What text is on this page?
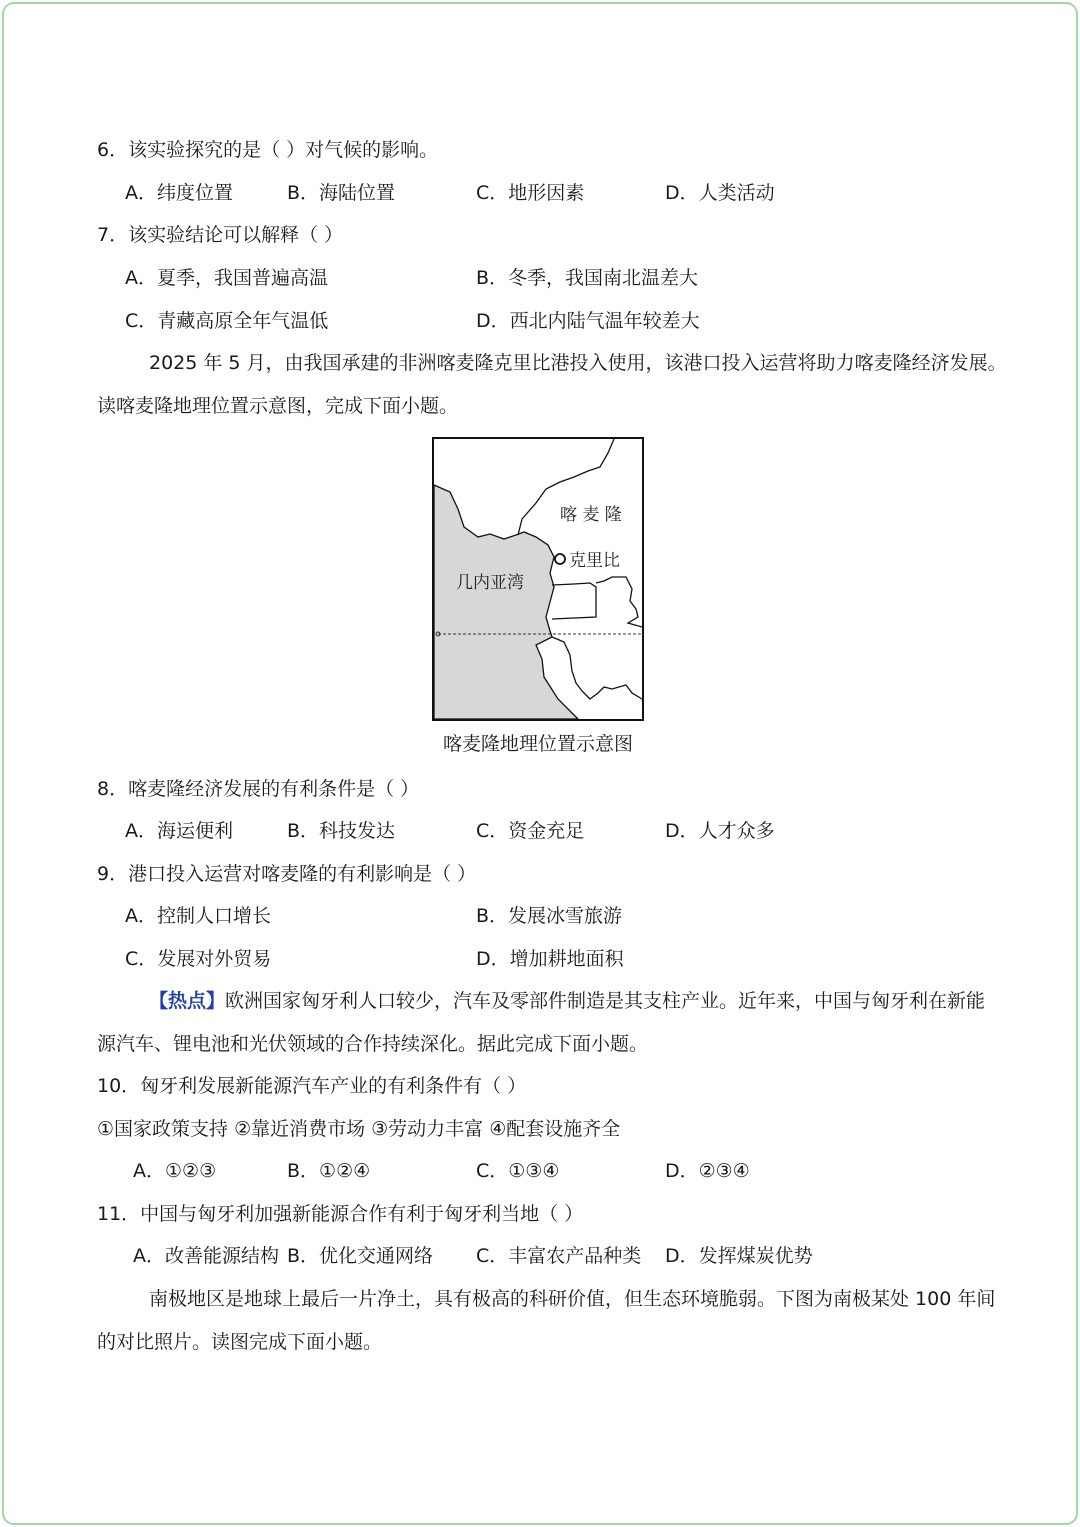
6．该实验探究的是（ ）对气候的影响。
A．纬度位置	B．海陆位置	C．地形因素	D．人类活动
7．该实验结论可以解释（ ）
A．夏季，我国普遍高温	B．冬季，我国南北温差大
C．青藏高原全年气温低	D．西北内陆气温年较差大
2025 年 5 月，由我国承建的非洲喀麦隆克里比港投入使用，该港口投入运营将助力喀麦隆经济发展。
读喀麦隆地理位置示意图，完成下面小题。
喀 麦 隆
克里比
几内亚湾
喀麦隆地理位置示意图
8．喀麦隆经济发展的有利条件是（ ）
A．海运便利	B．科技发达	C．资金充足	D．人才众多
9．港口投入运营对喀麦隆的有利影响是（ ）
A．控制人口增长	B．发展冰雪旅游
C．发展对外贸易	D．增加耕地面积
【热点】欧洲国家匈牙利人口较少，汽车及零部件制造是其支柱产业。近年来，中国与匈牙利在新能
源汽车、锂电池和光伏领域的合作持续深化。据此完成下面小题。
10．匈牙利发展新能源汽车产业的有利条件有（ ）
①国家政策支持 ②靠近消费市场 ③劳动力丰富 ④配套设施齐全
A．①②③	B．①②④	C．①③④	D．②③④
11．中国与匈牙利加强新能源合作有利于匈牙利当地（ ）
A．改善能源结构 B．优化交通网络 C．丰富农产品种类 D．发挥煤炭优势
南极地区是地球上最后一片净土，具有极高的科研价值，但生态环境脆弱。下图为南极某处 100 年间
的对比照片。读图完成下面小题。
